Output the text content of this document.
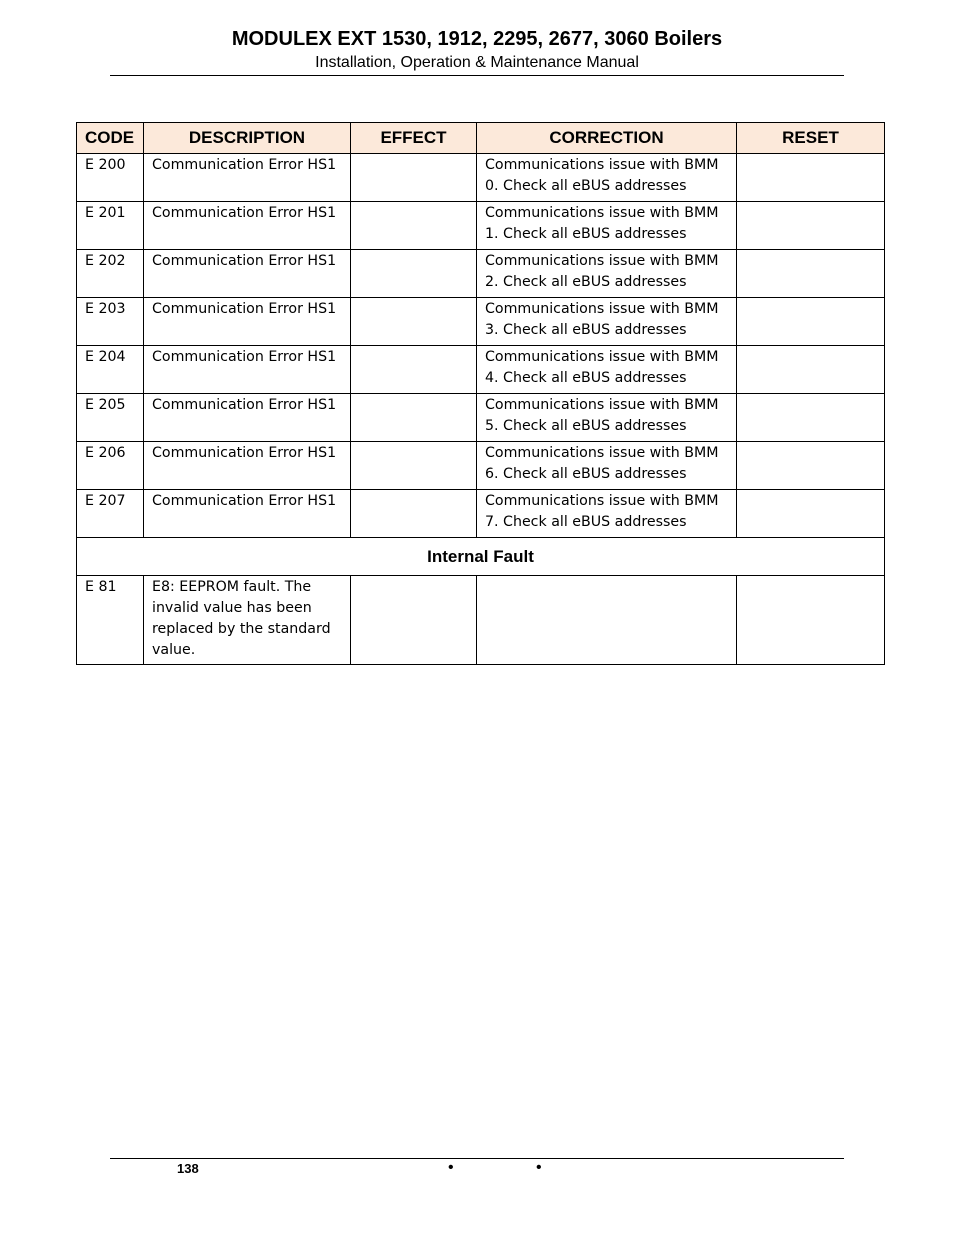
MODULEX EXT 1530, 1912, 2295, 2677, 3060 Boilers
Installation, Operation & Maintenance Manual
CODE	DESCRIPTION	EFFECT	CORRECTION	RESET
E 200	Communication Error HS1		Communications issue with BMM 0. Check all eBUS addresses	
E 201	Communication Error HS1		Communications issue with BMM 1. Check all eBUS addresses	
E 202	Communication Error HS1		Communications issue with BMM 2. Check all eBUS addresses	
E 203	Communication Error HS1		Communications issue with BMM 3. Check all eBUS addresses	
E 204	Communication Error HS1		Communications issue with BMM 4. Check all eBUS addresses	
E 205	Communication Error HS1		Communications issue with BMM 5. Check all eBUS addresses	
E 206	Communication Error HS1		Communications issue with BMM 6. Check all eBUS addresses	
E 207	Communication Error HS1		Communications issue with BMM 7. Check all eBUS addresses	
Internal Fault				
E 81	E8: EEPROM fault. The invalid value has been replaced by the standard value.			
138	•	•
